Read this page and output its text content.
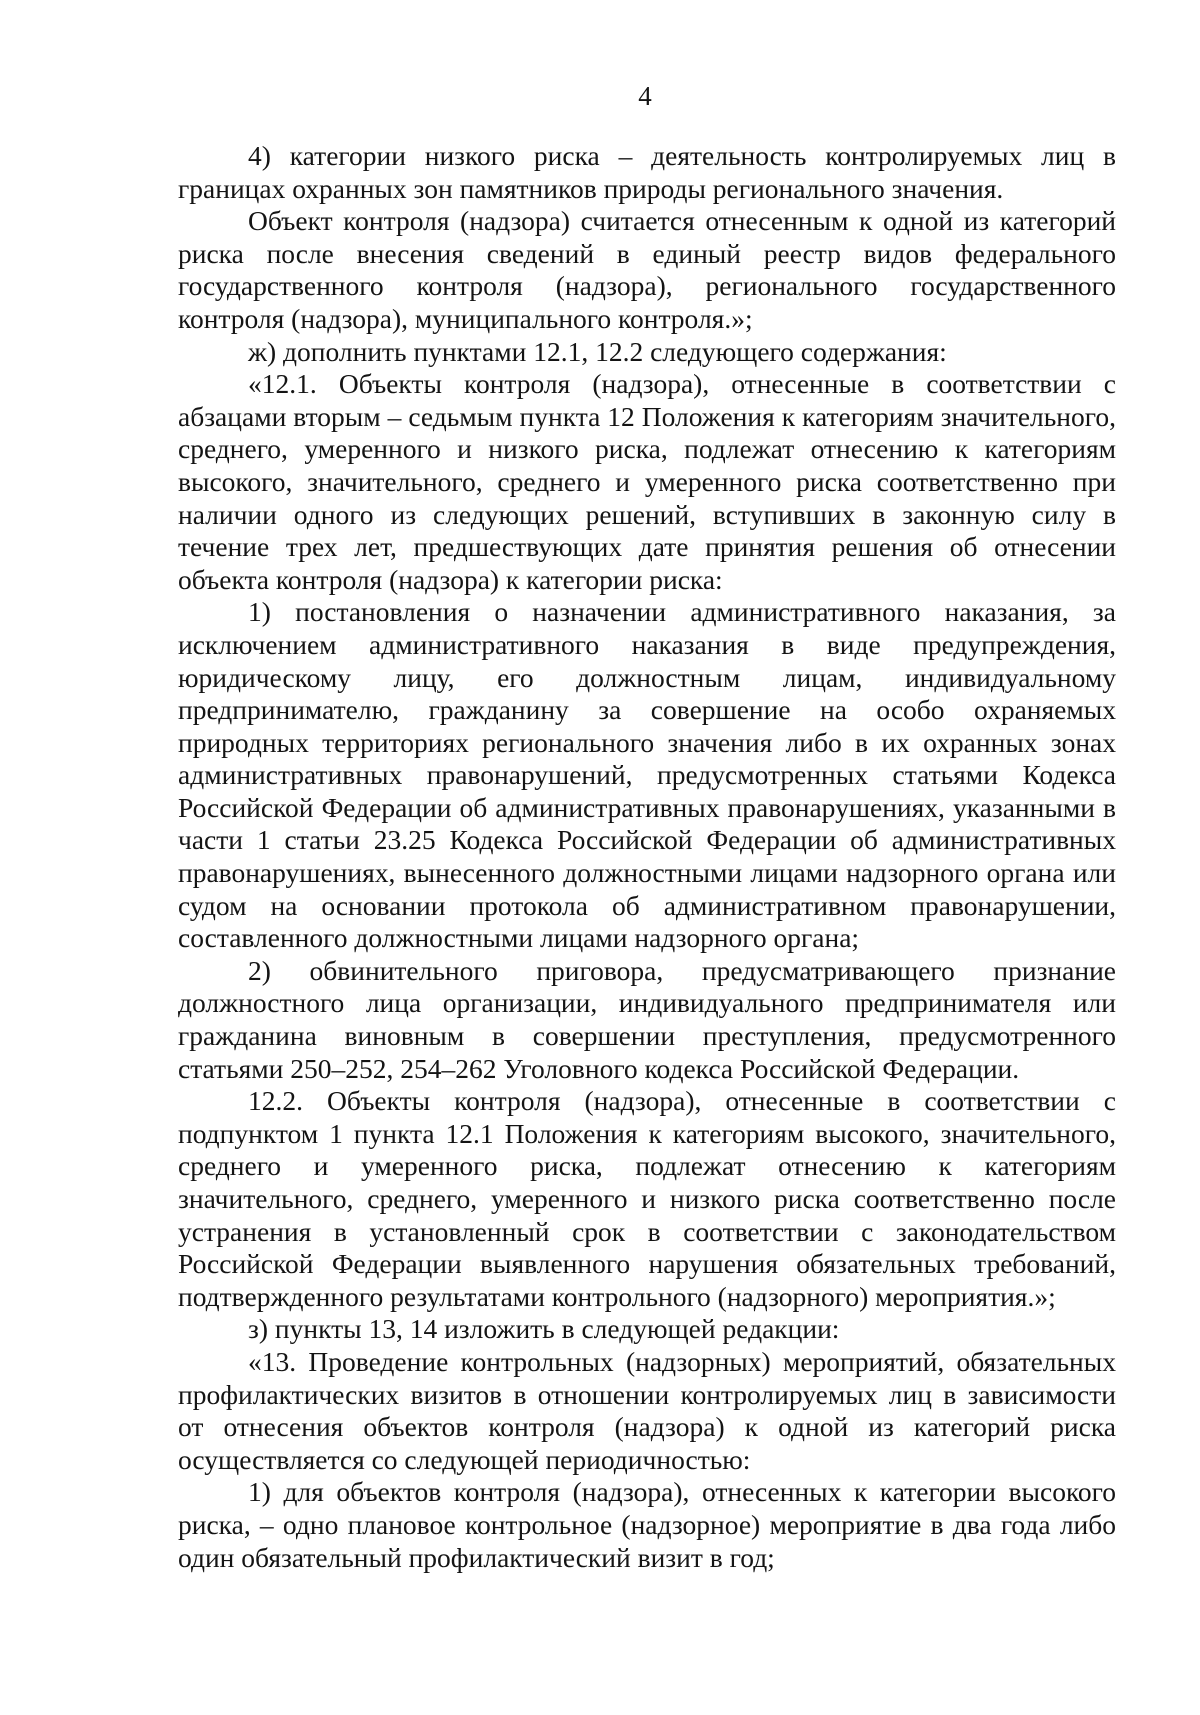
4

4) категории низкого риска – деятельность контролируемых лиц в границах охранных зон памятников природы регионального значения.

Объект контроля (надзора) считается отнесенным к одной из категорий риска после внесения сведений в единый реестр видов федерального государственного контроля (надзора), регионального государственного контроля (надзора), муниципального контроля.»;

ж) дополнить пунктами 12.1, 12.2 следующего содержания:

«12.1. Объекты контроля (надзора), отнесенные в соответствии с абзацами вторым – седьмым пункта 12 Положения к категориям значительного, среднего, умеренного и низкого риска, подлежат отнесению к категориям высокого, значительного, среднего и умеренного риска соответственно при наличии одного из следующих решений, вступивших в законную силу в течение трех лет, предшествующих дате принятия решения об отнесении объекта контроля (надзора) к категории риска:

1) постановления о назначении административного наказания, за исключением административного наказания в виде предупреждения, юридическому лицу, его должностным лицам, индивидуальному предпринимателю, гражданину за совершение на особо охраняемых природных территориях регионального значения либо в их охранных зонах административных правонарушений, предусмотренных статьями Кодекса Российской Федерации об административных правонарушениях, указанными в части 1 статьи 23.25 Кодекса Российской Федерации об административных правонарушениях, вынесенного должностными лицами надзорного органа или судом на основании протокола об административном правонарушении, составленного должностными лицами надзорного органа;

2) обвинительного приговора, предусматривающего признание должностного лица организации, индивидуального предпринимателя или гражданина виновным в совершении преступления, предусмотренного статьями 250–252, 254–262 Уголовного кодекса Российской Федерации.

12.2. Объекты контроля (надзора), отнесенные в соответствии с подпунктом 1 пункта 12.1 Положения к категориям высокого, значительного, среднего и умеренного риска, подлежат отнесению к категориям значительного, среднего, умеренного и низкого риска соответственно после устранения в установленный срок в соответствии с законодательством Российской Федерации выявленного нарушения обязательных требований, подтвержденного результатами контрольного (надзорного) мероприятия.»;

з) пункты 13, 14 изложить в следующей редакции:

«13. Проведение контрольных (надзорных) мероприятий, обязательных профилактических визитов в отношении контролируемых лиц в зависимости от отнесения объектов контроля (надзора) к одной из категорий риска осуществляется со следующей периодичностью:

1) для объектов контроля (надзора), отнесенных к категории высокого риска, – одно плановое контрольное (надзорное) мероприятие в два года либо один обязательный профилактический визит в год;
